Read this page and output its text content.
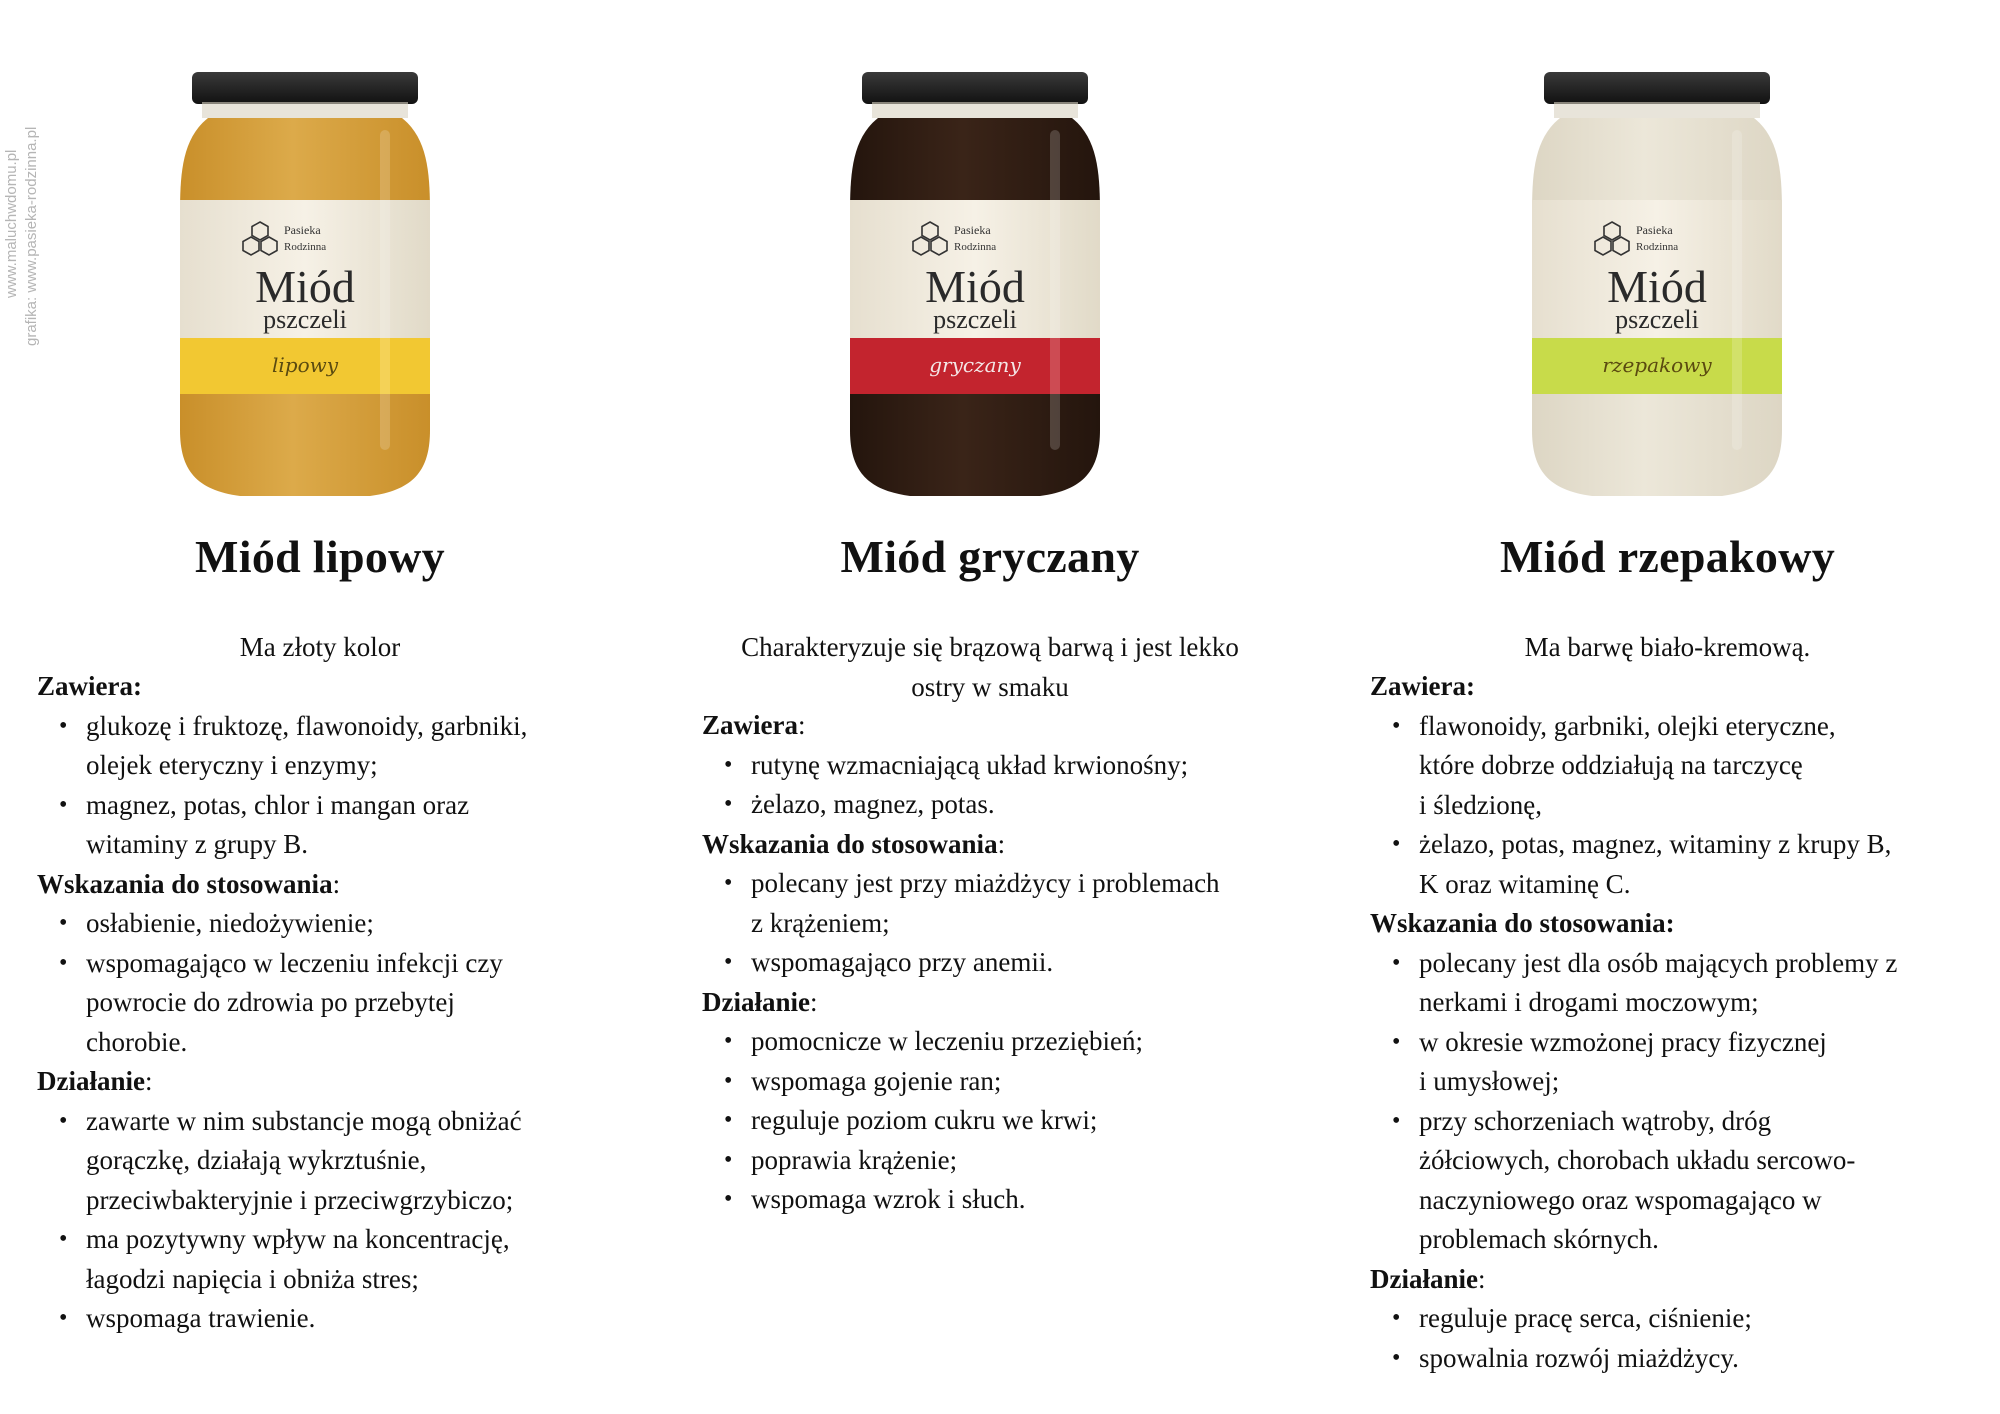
www.maluchwdomu.pl grafika: www.pasieka-rodzinna.pl	Pasieka
Rodzinna
Miód
pszczeli
lipowy
Miód lipowy
Ma złoty kolor
Zawiera:
• glukozę i fruktozę, flawonoidy, garbniki,
olejek eteryczny i enzymy;
• magnez, potas, chlor i mangan oraz
witaminy z grupy B.
Wskazania do stosowania:
• osłabienie, niedożywienie;
• wspomagająco w leczeniu infekcji czy
powrocie do zdrowia po przebytej
chorobie.
Działanie:
• zawarte w nim substancje mogą obniżać
gorączkę, działają wykrztuśnie,
przeciwbakteryjnie i przeciwgrzybiczo;
• ma pozytywny wpływ na koncentrację,
łagodzi napięcia i obniża stres;
• wspomaga trawienie.
Pasieka
Rodzinna
Miód
pszczeli
gryczany
Miód gryczany
Charakteryzuje się brązową barwą i jest lekko
ostry w smaku
Zawiera:
• rutynę wzmacniającą układ krwionośny;
• żelazo, magnez, potas.
Wskazania do stosowania:
• polecany jest przy miażdżycy i problemach
z krążeniem;
• wspomagająco przy anemii.
Działanie:
• pomocnicze w leczeniu przeziębień;
• wspomaga gojenie ran;
• reguluje poziom cukru we krwi;
• poprawia krążenie;
• wspomaga wzrok i słuch.
Pasieka
Rodzinna
Miód
pszczeli
rzepakowy
Miód rzepakowy
Ma barwę biało-kremową.
Zawiera:
• flawonoidy, garbniki, olejki eteryczne,
które dobrze oddziałują na tarczycę
i śledzionę,
• żelazo, potas, magnez, witaminy z krupy B,
K oraz witaminę C.
Wskazania do stosowania:
• polecany jest dla osób mających problemy z
nerkami i drogami moczowym;
• w okresie wzmożonej pracy fizycznej
i umysłowej;
• przy schorzeniach wątroby, dróg
żółciowych, chorobach układu sercowo-
naczyniowego oraz wspomagająco w
problemach skórnych.
Działanie:
• reguluje pracę serca, ciśnienie;
• spowalnia rozwój miażdżycy.
